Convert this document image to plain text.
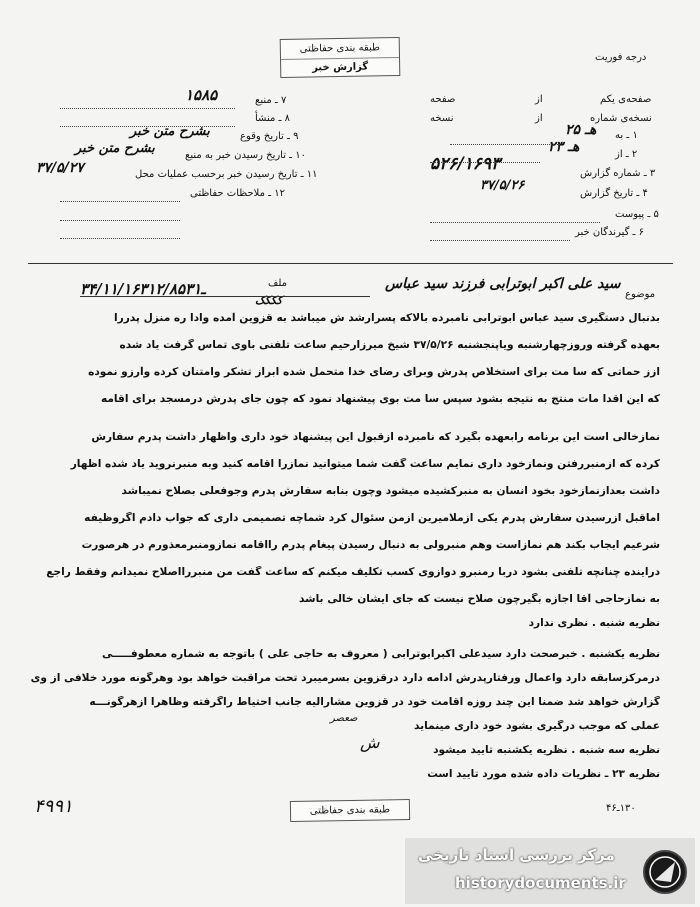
طبقه بندی حفاظتی
گزارش خبر
درجه فوریت
صفحه‌ی یکم
از
صفحه
نسخه‌ی شماره
از
نسخه
۱ ـ به
۲۵ هـ
۲ ـ از
۲۳ هـ
۳ ـ شماره گزارش
۵۲۶/۱۶۹۳
۴ ـ تاریخ گزارش
۳۷/۵/۲۶
۵ ـ پیوست
۶ ـ گیرندگان خبر
۷ ـ منبع
۱۵۸۵
۸ ـ منشأ
۹ ـ تاریخ وقوع
بشرح متن خبر
۱۰ ـ تاریخ رسیدن خبر به منبع
بشرح متن خبر
۱۱ ـ تاریخ رسیدن خبر برحسب عملیات محل
۳۷/۵/۲۷
۱۲ ـ ملاحظات حفاظتی
موضوع
سید علی اکبر ابوترابی فرزند سید عباس
ملف
۳۴/۱۱/۱۶ـ۳۱۲/۸۵۳۱
کککک
بدنبال دستگیری سید عباس ابوترابی نامبرده بالاکه پسرارشد ش میباشد به قزوین آمده وادا ره منزل پدررا
بعهده گرفته وروزچهارشنبه ویاپنجشنبه ۳۷/۵/۲۶ شیخ میرزارحیم ساعت تلفنی باوی تماس گرفت یاد شده
ازز حماتی که سا مت برای استخلاص پدرش وبرای رضای خدا متحمل شده ابراز تشکر وامتنان کرده وآرزو نموده
که این اقدا مات منتج به نتیجه بشود سپس سا مت بوی پیشنهاد نمود که چون جای پدرش درمسجد برای اقامه
نمازخالی است این برنامه رابعهده بگیرد که نامبرده ازقبول این پیشنهاد خود داری واظهار داشت پدرم سفارش
کرده که ازمنبررفتن ونمازخود داری نمایم ساعت گفت شما میتوانید نمازرا اقامه کنید وبه منبرنروید یاد شده اظهار
داشت بعدازنمازخود بخود انسان به منبرکشیده میشود وچون بنابه سفارش پدرم وجوفعلی بصلاح نمیباشد
اماقبل ازرسیدن سفارش پدرم یکی ازملامیرین ازمن سئوال کرد شماچه تصمیمی داری که جواب دادم اگروظیفه
شرعیم ایجاب بکند هم نمازاست وهم منبرولی به دنبال رسیدن پیغام پدرم رااقامه نمازومنبرمعذورم در هرصورت
دراینده چنانچه تلفنی بشود دربا رمنبرو دوازوی کسب تکلیف میکنم که ساعت گفت من منبررااصلاح نمیدانم وفقط راجع
به نمازحاجی آقا اجازه بگیرچون صلاح نیست که جای ایشان خالی باشد
نظریه شنبه . نظری ندارد
نظریه یکشنبه . خبرصحت دارد سیدعلی اکبرابوترابی ( معروف به حاجی علی ) باتوجه به شماره معطوفـــــی
درمرکزسابقه دارد واعمال ورفتارپدرش ادامه دارد درقزوین بسرمیبرد تحت مراقبت خواهد بود وهرگونه مورد خلافی از وی
گزارش خواهد شد ضمنا این چند روزه اقامت خود در قزوین مشارالیه جانب احتیاط راگرفته وظاهرا ازهرگونـــه
عملی که موجب درگیری بشود خود داری مینماید
نظریه سه شنبه . نظریه یکشنبه تایید میشود
نظریه ۲۳ ـ نظریات داده شده مورد تایید است
صعصر
ش
طبقه بندی حفاظتی
۴۹۹۱	۱۳۰ـ۴۶
مرکز بررسی اسناد تاریخی
historydocuments.ir
